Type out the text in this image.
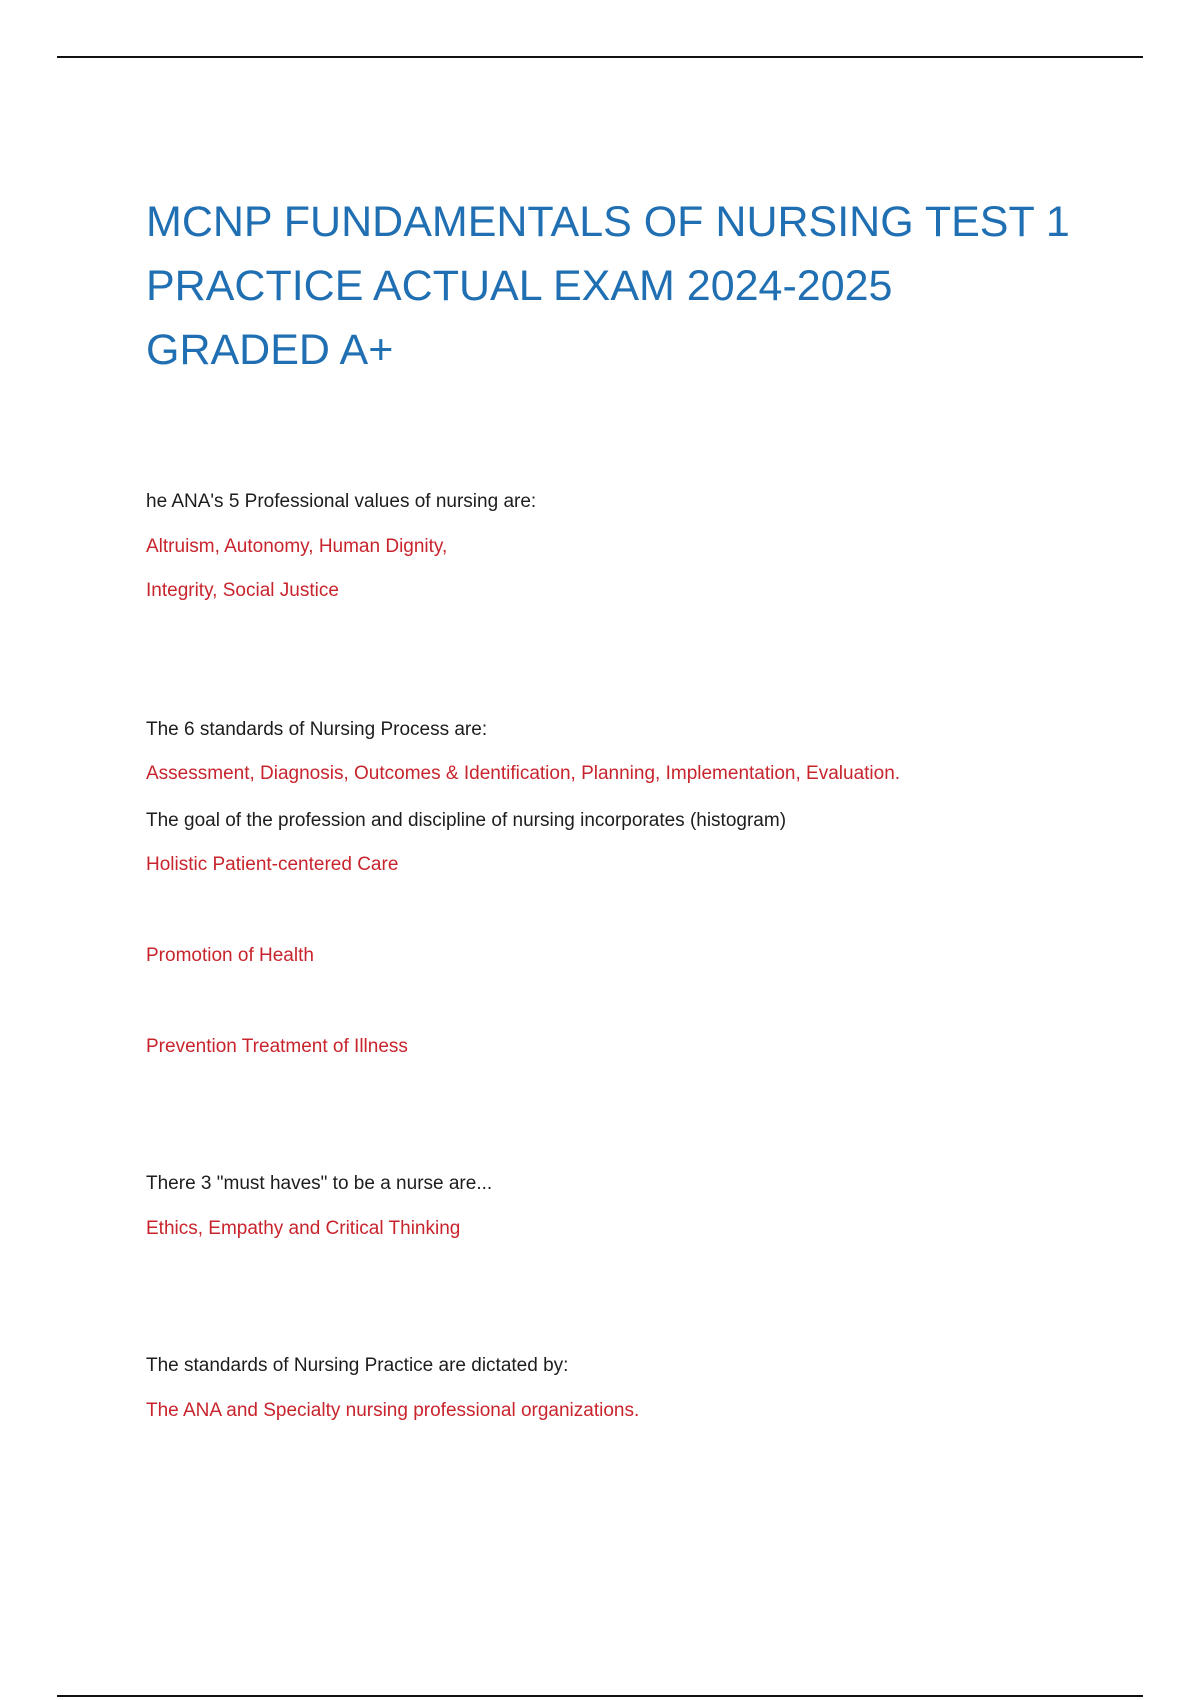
MCNP FUNDAMENTALS OF NURSING TEST 1 PRACTICE ACTUAL EXAM 2024-2025 GRADED A+

he ANA's 5 Professional values of nursing are:

Altruism, Autonomy, Human Dignity,

Integrity, Social Justice

The 6 standards of Nursing Process are:

Assessment, Diagnosis, Outcomes & Identification, Planning, Implementation, Evaluation.

The goal of the profession and discipline of nursing incorporates (histogram)

Holistic Patient-centered Care

Promotion of Health

Prevention Treatment of Illness

There 3 "must haves" to be a nurse are...

Ethics, Empathy and Critical Thinking

The standards of Nursing Practice are dictated by:

The ANA and Specialty nursing professional organizations.
